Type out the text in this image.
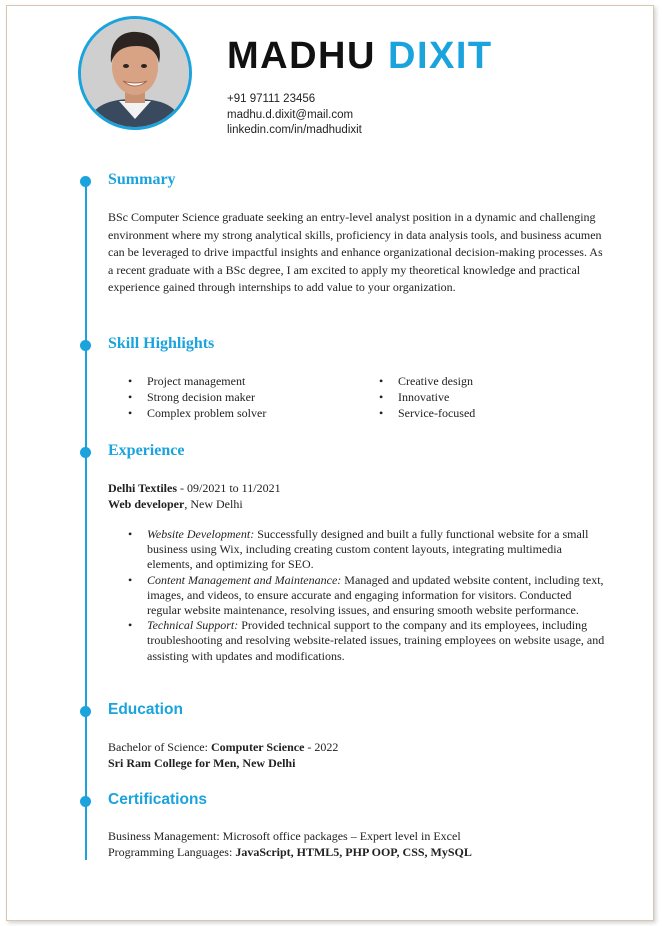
MADHU DIXIT
+91 97111 23456
madhu.d.dixit@mail.com
linkedin.com/in/madhudixit
Summary
BSc Computer Science graduate seeking an entry-level analyst position in a dynamic and challenging environment where my strong analytical skills, proficiency in data analysis tools, and business acumen can be leveraged to drive impactful insights and enhance organizational decision-making processes. As a recent graduate with a BSc degree, I am excited to apply my theoretical knowledge and practical experience gained through internships to add value to your organization.
Skill Highlights
• Project management
• Strong decision maker
• Complex problem solver
• Creative design
• Innovative
• Service-focused
Experience
Delhi Textiles - 09/2021 to 11/2021
Web developer, New Delhi
• Website Development: Successfully designed and built a fully functional website for a small business using Wix, including creating custom content layouts, integrating multimedia elements, and optimizing for SEO.
• Content Management and Maintenance: Managed and updated website content, including text, images, and videos, to ensure accurate and engaging information for visitors. Conducted regular website maintenance, resolving issues, and ensuring smooth website performance.
• Technical Support: Provided technical support to the company and its employees, including troubleshooting and resolving website-related issues, training employees on website usage, and assisting with updates and modifications.
Education
Bachelor of Science: Computer Science - 2022
Sri Ram College for Men, New Delhi
Certifications
Business Management: Microsoft office packages – Expert level in Excel
Programming Languages: JavaScript, HTML5, PHP OOP, CSS, MySQL
